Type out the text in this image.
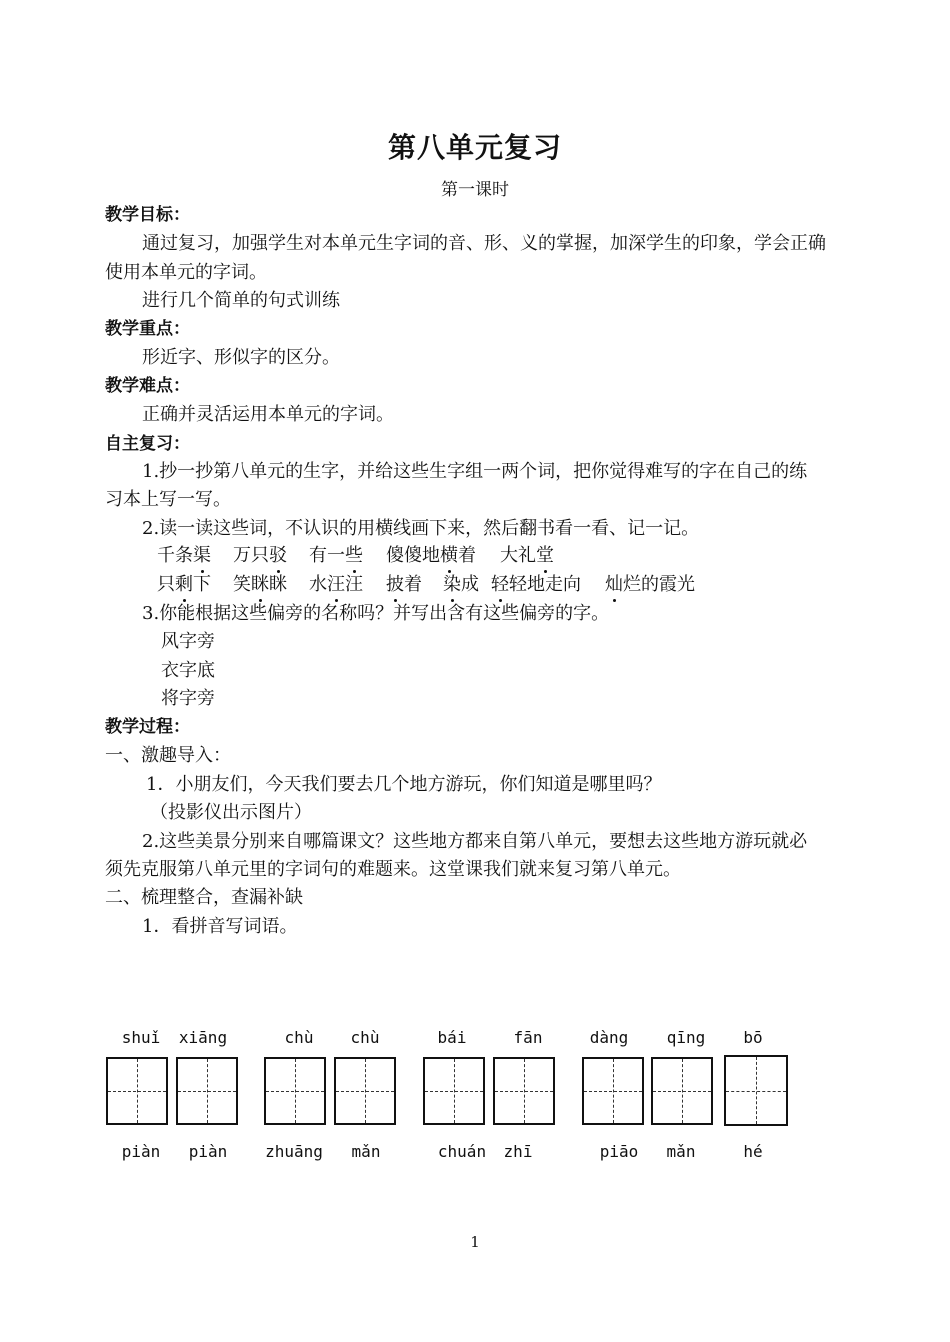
第八单元复习
第一课时
教学目标：
通过复习，加强学生对本单元生字词的音、形、义的掌握，加深学生的印象，学会正确
使用本单元的字词。
进行几个简单的句式训练
教学重点：
形近字、形似字的区分。
教学难点：
正确并灵活运用本单元的字词。
自主复习：
1.抄一抄第八单元的生字，并给这些生字组一两个词，把你觉得难写的字在自己的练
习本上写一写。
2.读一读这些词，不认识的用横线画下来，然后翻书看一看、记一记。
千条渠 万只驳 有一些 傻傻地横着 大礼堂
只剩下 笑眯眯 水汪汪 披着 染成 轻轻地走向 灿烂的霞光
3.你能根据这些偏旁的名称吗？并写出含有这些偏旁的字。
风字旁
衣字底
将字旁
教学过程：
一、激趣导入：
1．小朋友们，今天我们要去几个地方游玩，你们知道是哪里吗？
（投影仪出示图片）
2.这些美景分别来自哪篇课文？这些地方都来自第八单元，要想去这些地方游玩就必
须先克服第八单元里的字词句的难题来。这堂课我们就来复习第八单元。
二、梳理整合，查漏补缺
1．看拼音写词语。
shuǐ	xiāng	chù	chù	bái	fān	dàng	qīng	bō
piàn	piàn	zhuāng	mǎn	chuán	zhī	piāo	mǎn	hé
1
